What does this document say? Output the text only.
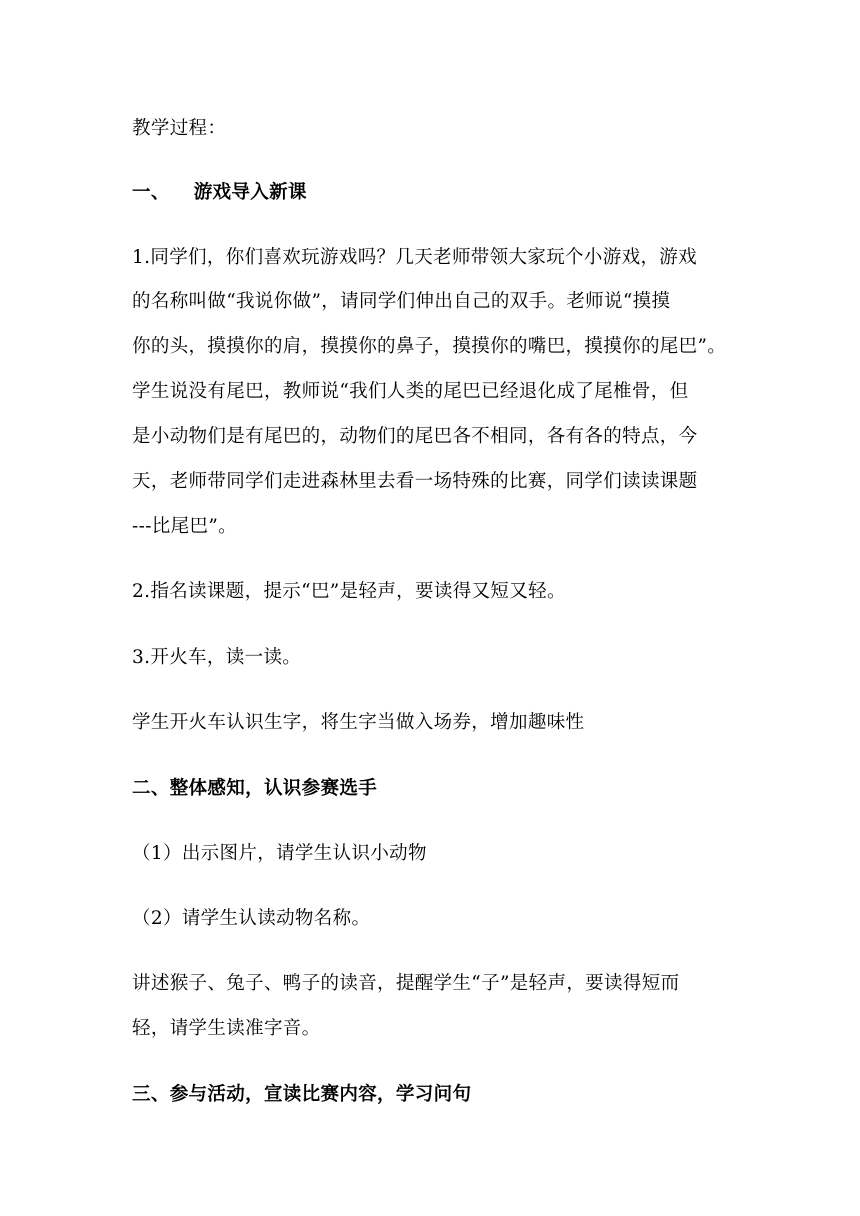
教学过程：
一、 游戏导入新课
1.同学们，你们喜欢玩游戏吗？几天老师带领大家玩个小游戏，游戏
的名称叫做“我说你做”，请同学们伸出自己的双手。老师说“摸摸
你的头，摸摸你的肩，摸摸你的鼻子，摸摸你的嘴巴，摸摸你的尾巴”。
学生说没有尾巴，教师说“我们人类的尾巴已经退化成了尾椎骨，但
是小动物们是有尾巴的，动物们的尾巴各不相同，各有各的特点，今
天，老师带同学们走进森林里去看一场特殊的比赛，同学们读读课题
---比尾巴”。
2.指名读课题，提示“巴”是轻声，要读得又短又轻。
3.开火车，读一读。
学生开火车认识生字，将生字当做入场券，增加趣味性
二、整体感知，认识参赛选手
（1）出示图片，请学生认识小动物
（2）请学生认读动物名称。
讲述猴子、兔子、鸭子的读音，提醒学生“子”是轻声，要读得短而
轻，请学生读准字音。
三、参与活动，宣读比赛内容，学习问句
